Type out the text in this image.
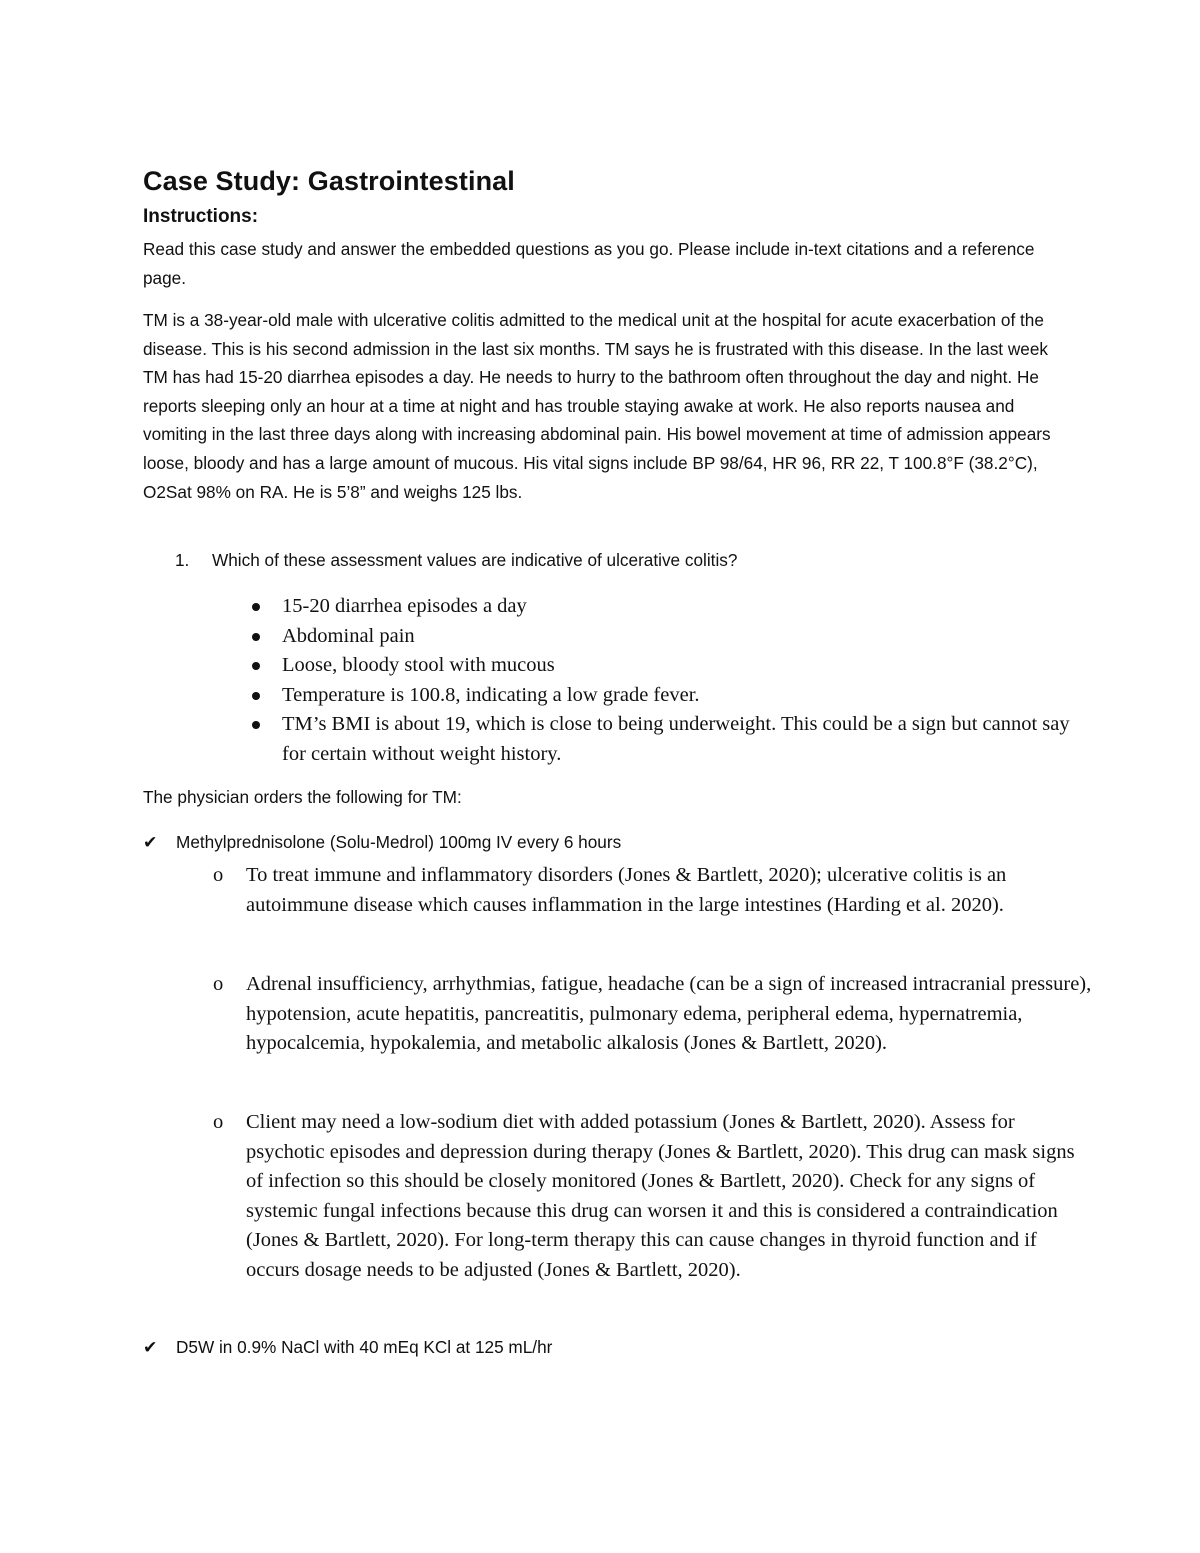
Case Study: Gastrointestinal
Instructions:

Read this case study and answer the embedded questions as you go. Please include in-text citations and a reference page.

TM is a 38-year-old male with ulcerative colitis admitted to the medical unit at the hospital for acute exacerbation of the disease. This is his second admission in the last six months. TM says he is frustrated with this disease. In the last week TM has had 15-20 diarrhea episodes a day. He needs to hurry to the bathroom often throughout the day and night. He reports sleeping only an hour at a time at night and has trouble staying awake at work. He also reports nausea and vomiting in the last three days along with increasing abdominal pain. His bowel movement at time of admission appears loose, bloody and has a large amount of mucous. His vital signs include BP 98/64, HR 96, RR 22, T 100.8°F (38.2°C), O2Sat 98% on RA. He is 5’8” and weighs 125 lbs.

1. Which of these assessment values are indicative of ulcerative colitis?
15-20 diarrhea episodes a day
Abdominal pain
Loose, bloody stool with mucous
Temperature is 100.8, indicating a low grade fever.
TM’s BMI is about 19, which is close to being underweight. This could be a sign but cannot say for certain without weight history.
The physician orders the following for TM:
✔ Methylprednisolone (Solu-Medrol) 100mg IV every 6 hours
o To treat immune and inflammatory disorders (Jones & Bartlett, 2020); ulcerative colitis is an autoimmune disease which causes inflammation in the large intestines (Harding et al. 2020).
o Adrenal insufficiency, arrhythmias, fatigue, headache (can be a sign of increased intracranial pressure), hypotension, acute hepatitis, pancreatitis, pulmonary edema, peripheral edema, hypernatremia, hypocalcemia, hypokalemia, and metabolic alkalosis (Jones & Bartlett, 2020).
o Client may need a low-sodium diet with added potassium (Jones & Bartlett, 2020). Assess for psychotic episodes and depression during therapy (Jones & Bartlett, 2020). This drug can mask signs of infection so this should be closely monitored (Jones & Bartlett, 2020). Check for any signs of systemic fungal infections because this drug can worsen it and this is considered a contraindication (Jones & Bartlett, 2020). For long-term therapy this can cause changes in thyroid function and if occurs dosage needs to be adjusted (Jones & Bartlett, 2020).
✔ D5W in 0.9% NaCl with 40 mEq KCl at 125 mL/hr
